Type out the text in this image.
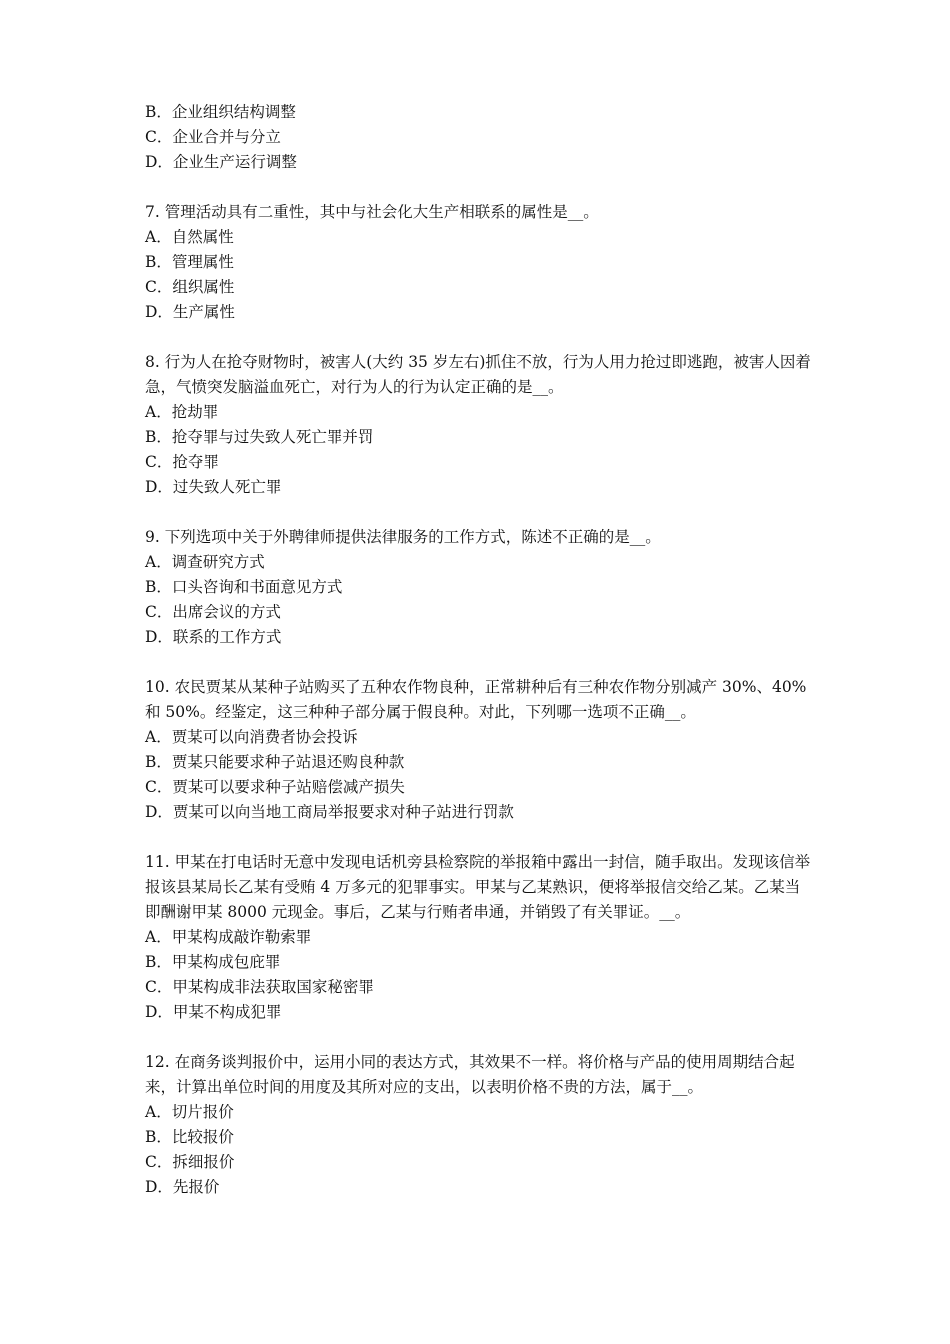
B．企业组织结构调整
C．企业合并与分立
D．企业生产运行调整
7. 管理活动具有二重性，其中与社会化大生产相联系的属性是__。
A．自然属性
B．管理属性
C．组织属性
D．生产属性
8. 行为人在抢夺财物时，被害人(大约 35 岁左右)抓住不放，行为人用力抢过即逃跑，被害人因着急，气愤突发脑溢血死亡，对行为人的行为认定正确的是__。
A．抢劫罪
B．抢夺罪与过失致人死亡罪并罚
C．抢夺罪
D．过失致人死亡罪
9. 下列选项中关于外聘律师提供法律服务的工作方式，陈述不正确的是__。
A．调查研究方式
B．口头咨询和书面意见方式
C．出席会议的方式
D．联系的工作方式
10. 农民贾某从某种子站购买了五种农作物良种，正常耕种后有三种农作物分别减产 30%、40%和 50%。经鉴定，这三种种子部分属于假良种。对此，下列哪一选项不正确__。
A．贾某可以向消费者协会投诉
B．贾某只能要求种子站退还购良种款
C．贾某可以要求种子站赔偿减产损失
D．贾某可以向当地工商局举报要求对种子站进行罚款
11. 甲某在打电话时无意中发现电话机旁县检察院的举报箱中露出一封信，随手取出。发现该信举报该县某局长乙某有受贿 4 万多元的犯罪事实。甲某与乙某熟识，便将举报信交给乙某。乙某当即酬谢甲某 8000 元现金。事后，乙某与行贿者串通，并销毁了有关罪证。__。
A．甲某构成敲诈勒索罪
B．甲某构成包庇罪
C．甲某构成非法获取国家秘密罪
D．甲某不构成犯罪
12. 在商务谈判报价中，运用小同的表达方式，其效果不一样。将价格与产品的使用周期结合起来，计算出单位时间的用度及其所对应的支出，以表明价格不贵的方法，属于__。
A．切片报价
B．比较报价
C．拆细报价
D．先报价
